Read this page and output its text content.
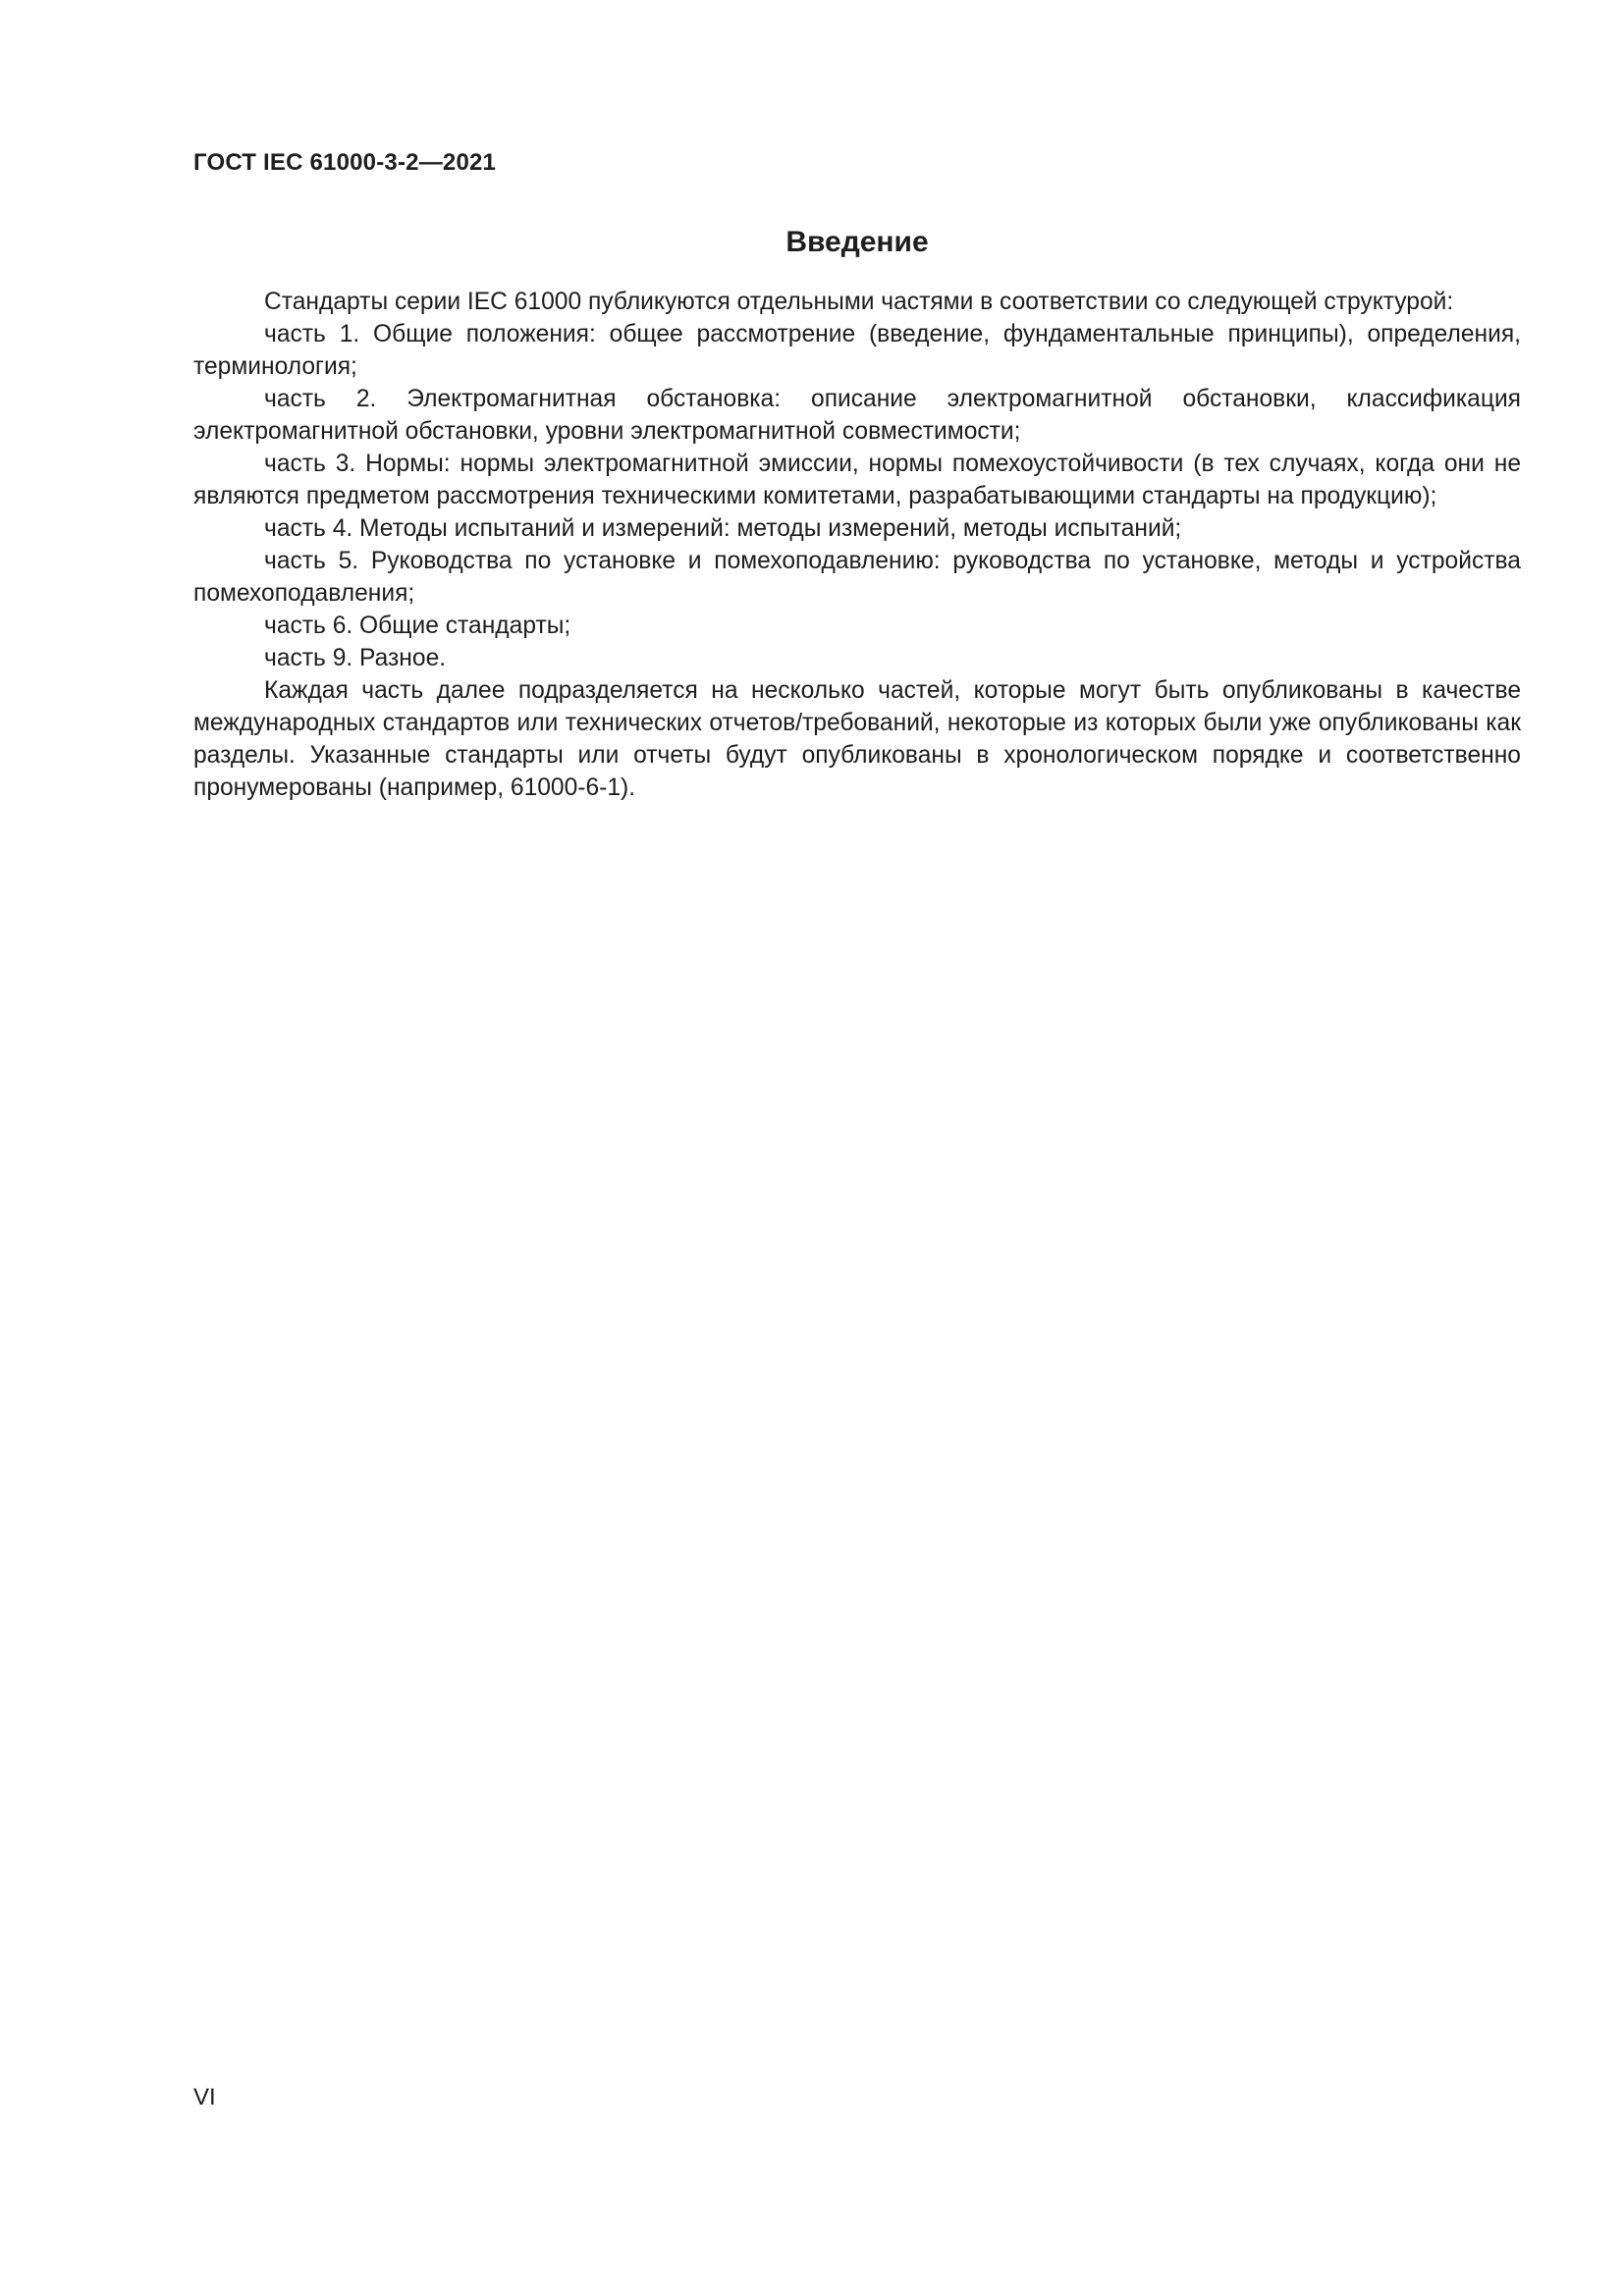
ГОСТ IEC 61000-3-2—2021
Введение

Стандарты серии IEC 61000 публикуются отдельными частями в соответствии со следующей структурой:

часть 1. Общие положения: общее рассмотрение (введение, фундаментальные принципы), определения, терминология;

часть 2. Электромагнитная обстановка: описание электромагнитной обстановки, классификация электромагнитной обстановки, уровни электромагнитной совместимости;

часть 3. Нормы: нормы электромагнитной эмиссии, нормы помехоустойчивости (в тех случаях, когда они не являются предметом рассмотрения техническими комитетами, разрабатывающими стандарты на продукцию);

часть 4. Методы испытаний и измерений: методы измерений, методы испытаний;

часть 5. Руководства по установке и помехоподавлению: руководства по установке, методы и устройства помехоподавления;

часть 6. Общие стандарты;

часть 9. Разное.

Каждая часть далее подразделяется на несколько частей, которые могут быть опубликованы в качестве международных стандартов или технических отчетов/требований, некоторые из которых были уже опубликованы как разделы. Указанные стандарты или отчеты будут опубликованы в хронологическом порядке и соответственно пронумерованы (например, 61000-6-1).

VI
